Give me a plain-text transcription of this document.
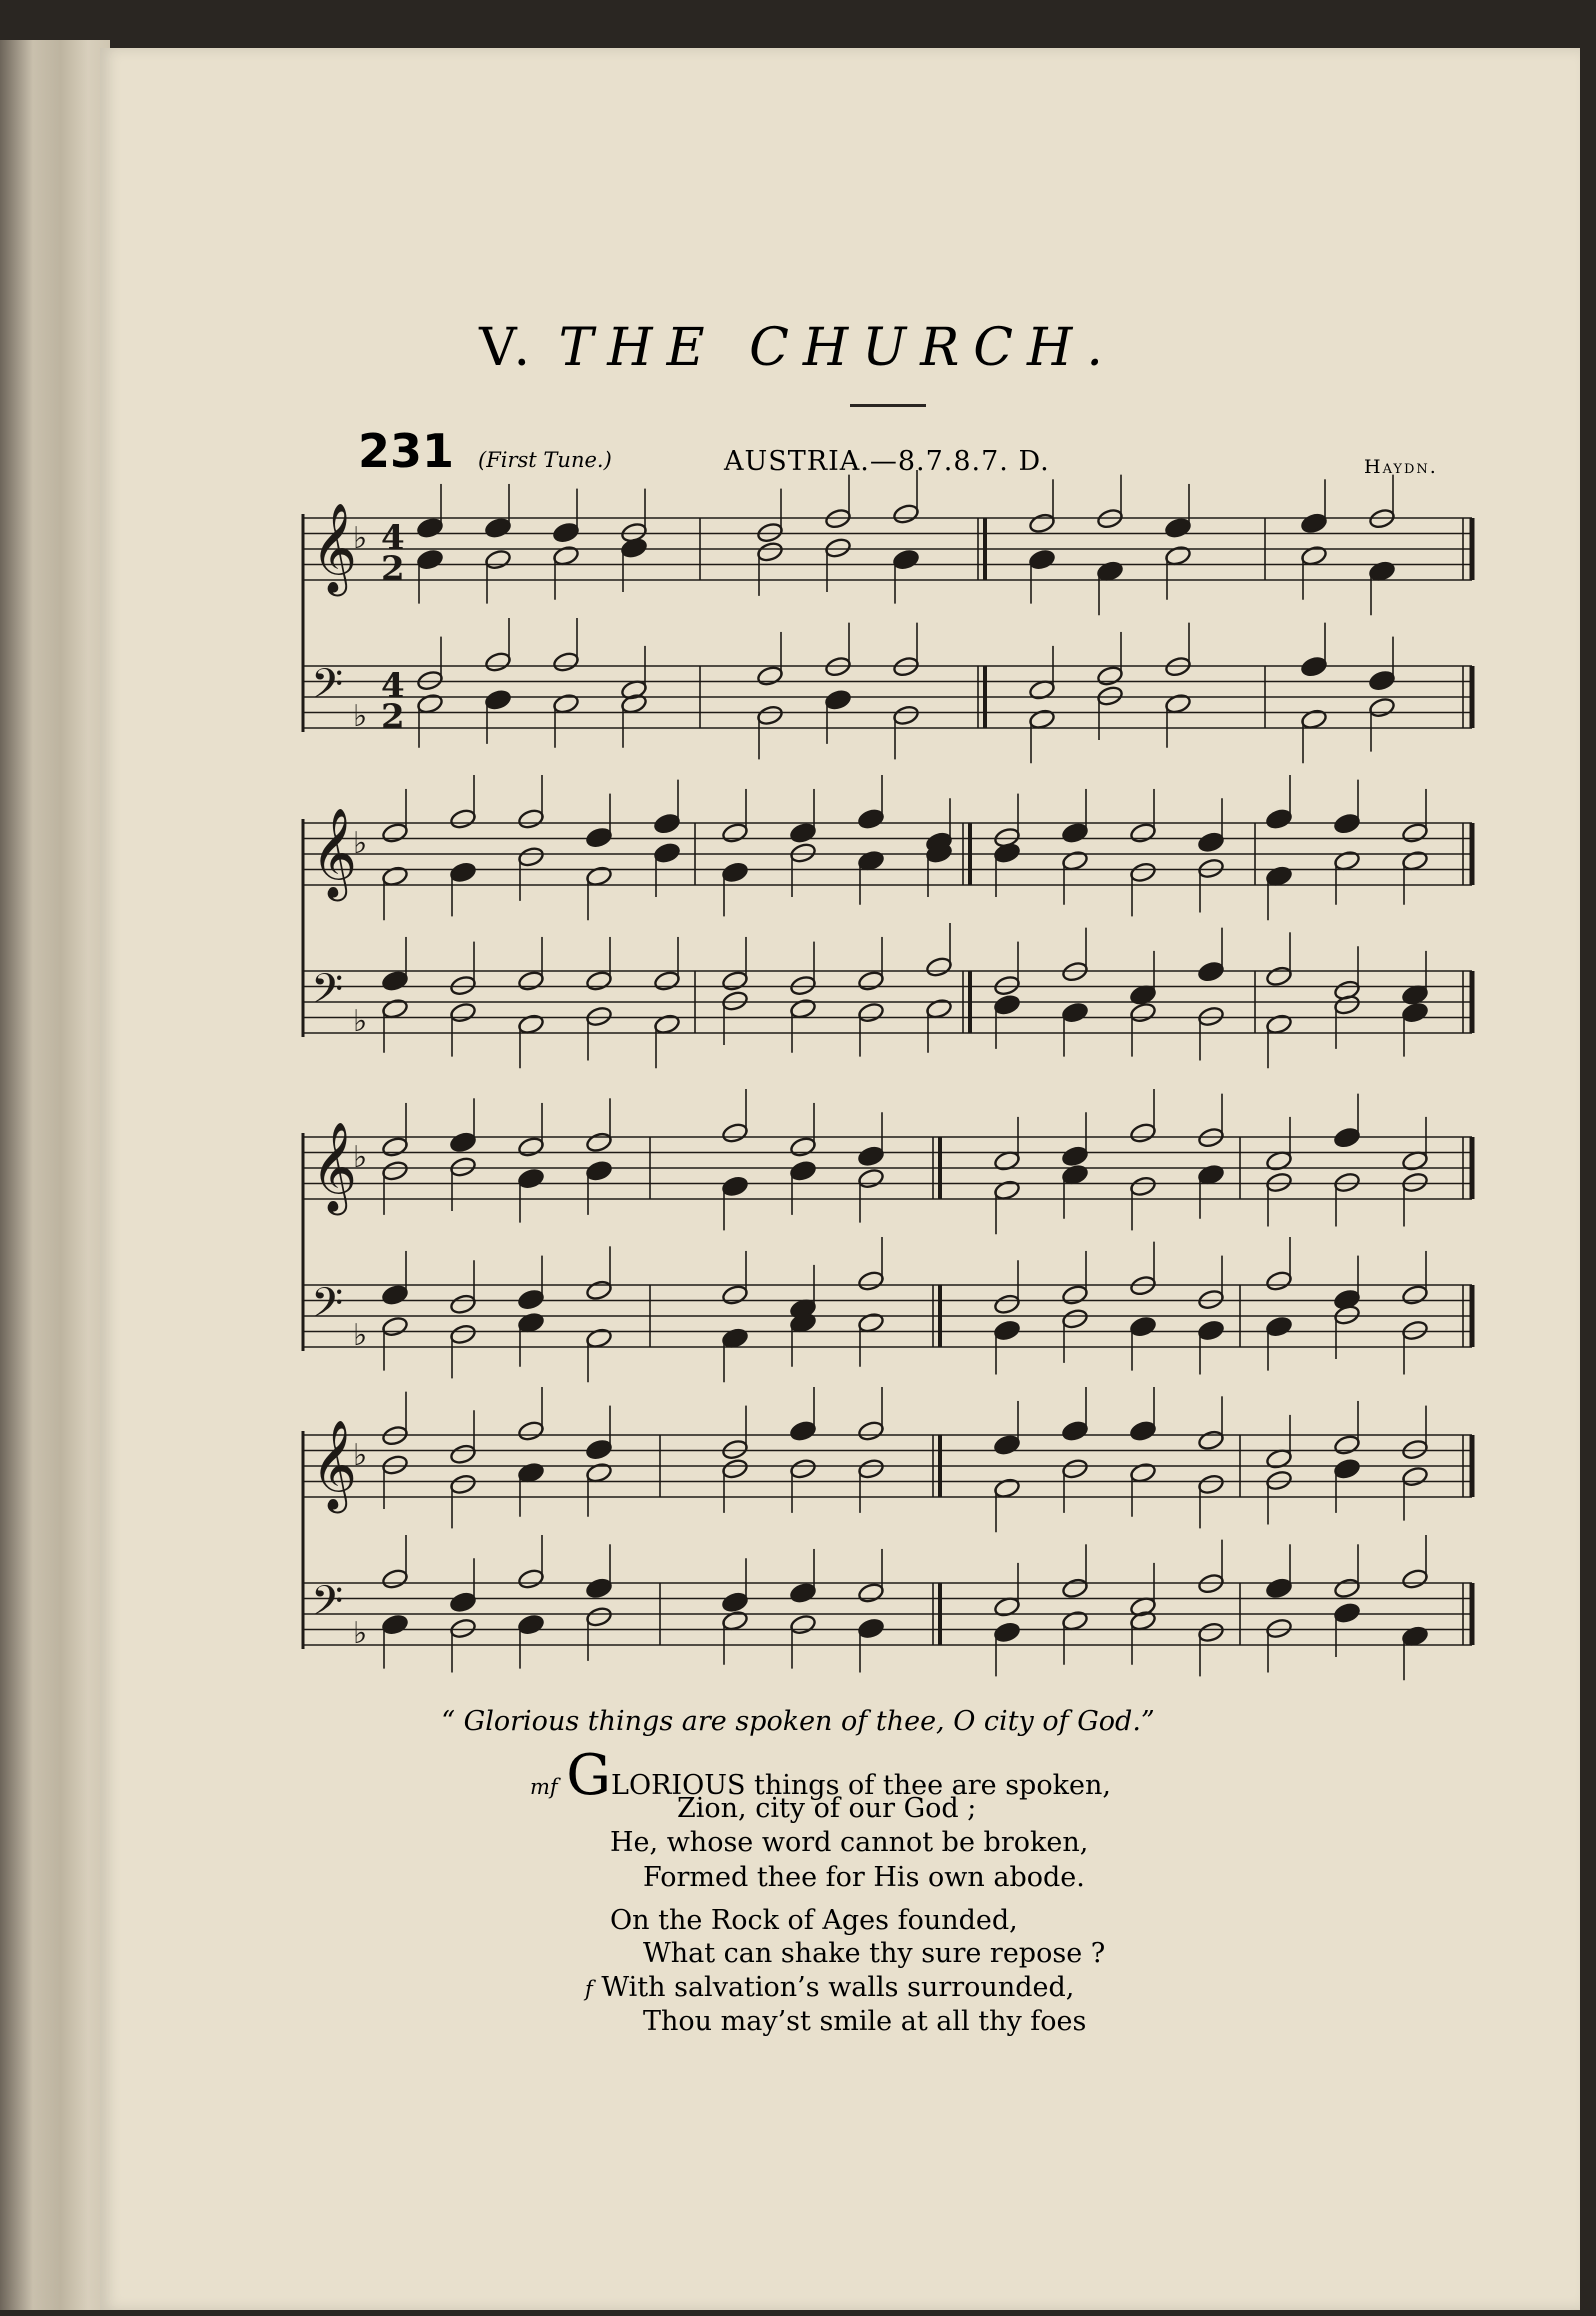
V. THE CHURCH.
231 (First Tune.)	AUSTRIA.—8.7.8.7. D.	Haydn.
𝄞
♭ 4
2
𝄢 ♭
4
2
𝄞
♭
𝄢 ♭
𝄞
♭
𝄢 ♭
𝄞
♭
𝄢 ♭
“ Glorious things are spoken of thee, O city of God.”
mf GLORIOUS things of thee are spoken,
Zion, city of our God ;
He, whose word cannot be broken,
Formed thee for His own abode.
On the Rock of Ages founded,
What can shake thy sure repose ?
f With salvation’s walls surrounded,
Thou may’st smile at all thy foes
